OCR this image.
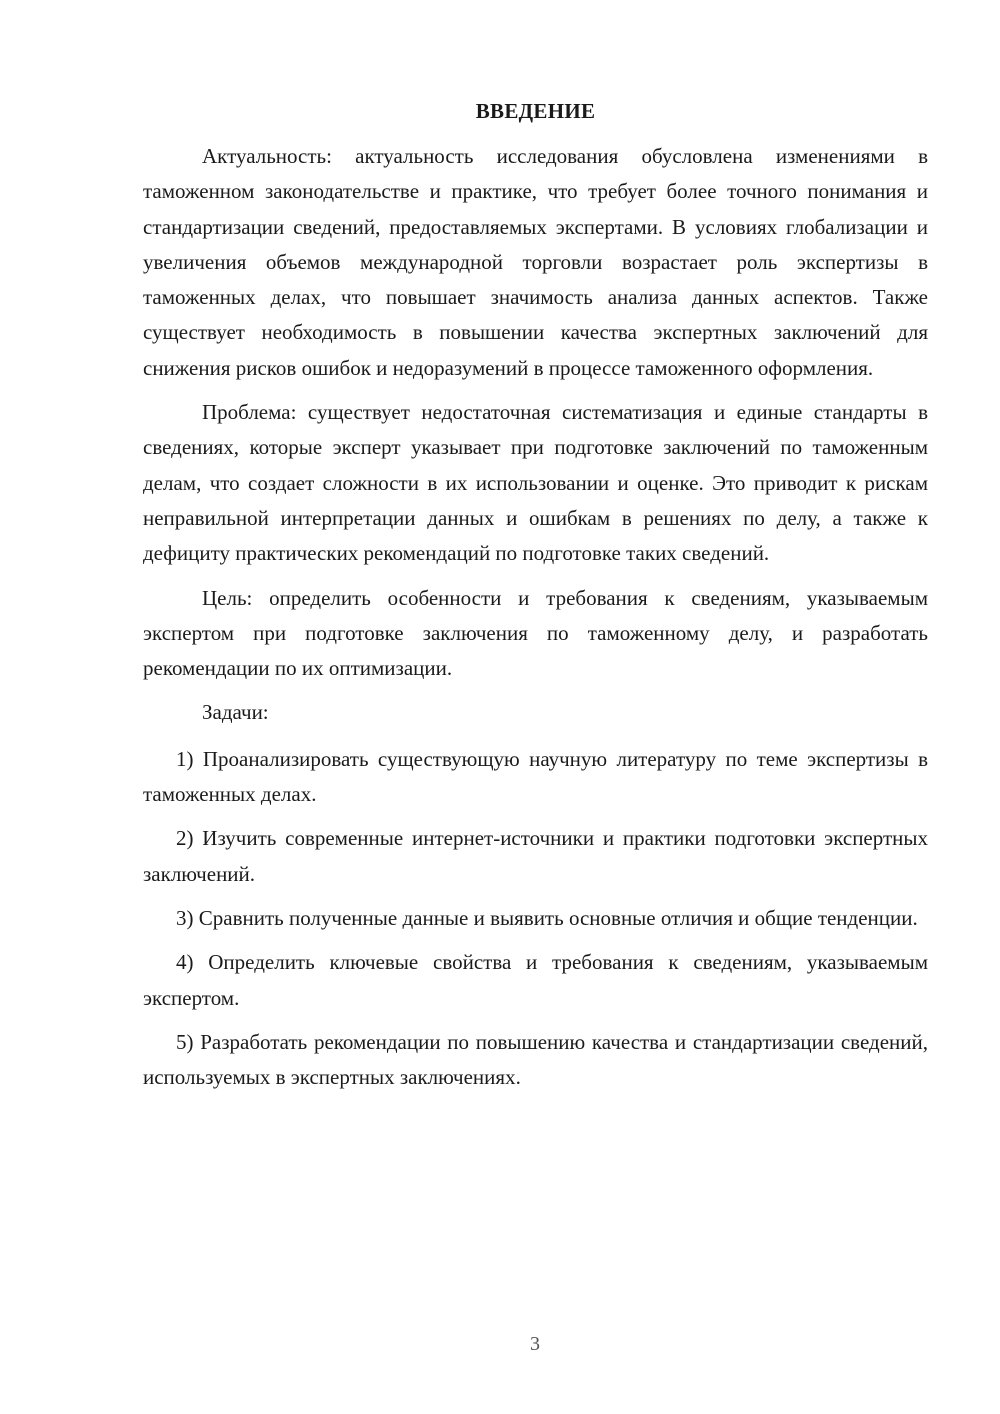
ВВЕДЕНИЕ

Актуальность: актуальность исследования обусловлена изменениями в таможенном законодательстве и практике, что требует более точного понимания и стандартизации сведений, предоставляемых экспертами. В условиях глобализации и увеличения объемов международной торговли возрастает роль экспертизы в таможенных делах, что повышает значимость анализа данных аспектов. Также существует необходимость в повышении качества экспертных заключений для снижения рисков ошибок и недоразумений в процессе таможенного оформления.

Проблема: существует недостаточная систематизация и единые стандарты в сведениях, которые эксперт указывает при подготовке заключений по таможенным делам, что создает сложности в их использовании и оценке. Это приводит к рискам неправильной интерпретации данных и ошибкам в решениях по делу, а также к дефициту практических рекомендаций по подготовке таких сведений.

Цель: определить особенности и требования к сведениям, указываемым экспертом при подготовке заключения по таможенному делу, и разработать рекомендации по их оптимизации.

Задачи:

1) Проанализировать существующую научную литературу по теме экспертизы в таможенных делах.

2) Изучить современные интернет-источники и практики подготовки экспертных заключений.

3) Сравнить полученные данные и выявить основные отличия и общие тенденции.

4) Определить ключевые свойства и требования к сведениям, указываемым экспертом.

5) Разработать рекомендации по повышению качества и стандартизации сведений, используемых в экспертных заключениях.

3
